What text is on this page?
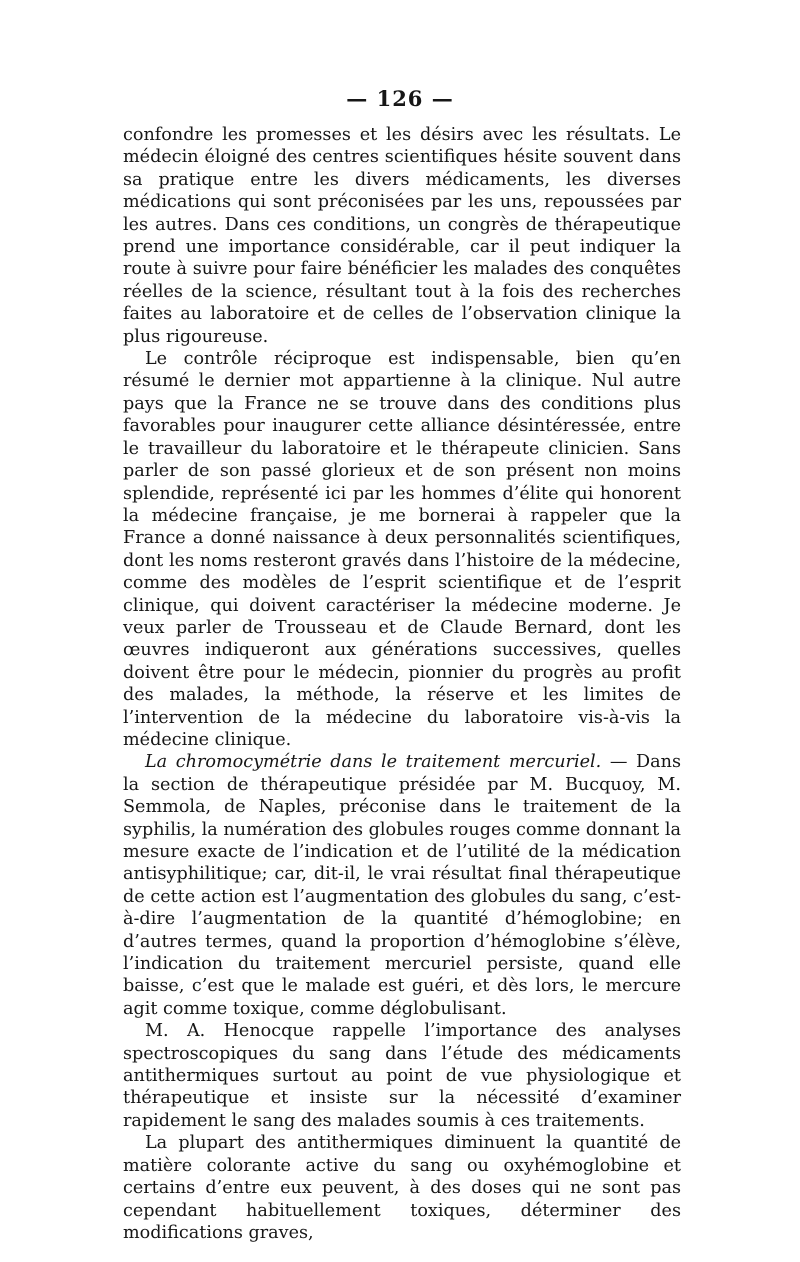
— 126 —

confondre les promesses et les désirs avec les résultats. Le médecin éloigné des centres scientifiques hésite souvent dans sa pratique entre les divers médicaments, les diverses médications qui sont préconisées par les uns, repoussées par les autres. Dans ces conditions, un congrès de thérapeutique prend une importance considérable, car il peut indiquer la route à suivre pour faire bénéficier les malades des conquêtes réelles de la science, résultant tout à la fois des recherches faites au laboratoire et de celles de l’observation clinique la plus rigoureuse.

Le contrôle réciproque est indispensable, bien qu’en résumé le dernier mot appartienne à la clinique. Nul autre pays que la France ne se trouve dans des conditions plus favorables pour inaugurer cette alliance désintéressée, entre le travailleur du laboratoire et le thérapeute clinicien. Sans parler de son passé glorieux et de son présent non moins splendide, représenté ici par les hommes d’élite qui honorent la médecine française, je me bornerai à rappeler que la France a donné naissance à deux personnalités scientifiques, dont les noms resteront gravés dans l’histoire de la médecine, comme des modèles de l’esprit scientifique et de l’esprit clinique, qui doivent caractériser la médecine moderne. Je veux parler de Trousseau et de Claude Bernard, dont les œuvres indiqueront aux générations successives, quelles doivent être pour le médecin, pionnier du progrès au profit des malades, la méthode, la réserve et les limites de l’intervention de la médecine du laboratoire vis-à-vis la médecine clinique.

La chromocymétrie dans le traitement mercuriel. — Dans la section de thérapeutique présidée par M. Bucquoy, M. Semmola, de Naples, préconise dans le traitement de la syphilis, la numération des globules rouges comme donnant la mesure exacte de l’indication et de l’utilité de la médication antisyphilitique; car, dit-il, le vrai résultat final thérapeutique de cette action est l’augmentation des globules du sang, c’est-à-dire l’augmentation de la quantité d’hémoglobine; en d’autres termes, quand la proportion d’hémoglobine s’élève, l’indication du traitement mercuriel persiste, quand elle baisse, c’est que le malade est guéri, et dès lors, le mercure agit comme toxique, comme déglobulisant.

M. A. Henocque rappelle l’importance des analyses spectroscopiques du sang dans l’étude des médicaments antithermiques surtout au point de vue physiologique et thérapeutique et insiste sur la nécessité d’examiner rapidement le sang des malades soumis à ces traitements.

La plupart des antithermiques diminuent la quantité de matière colorante active du sang ou oxyhémoglobine et certains d’entre eux peuvent, à des doses qui ne sont pas cependant habituellement toxiques, déterminer des modifications graves,
